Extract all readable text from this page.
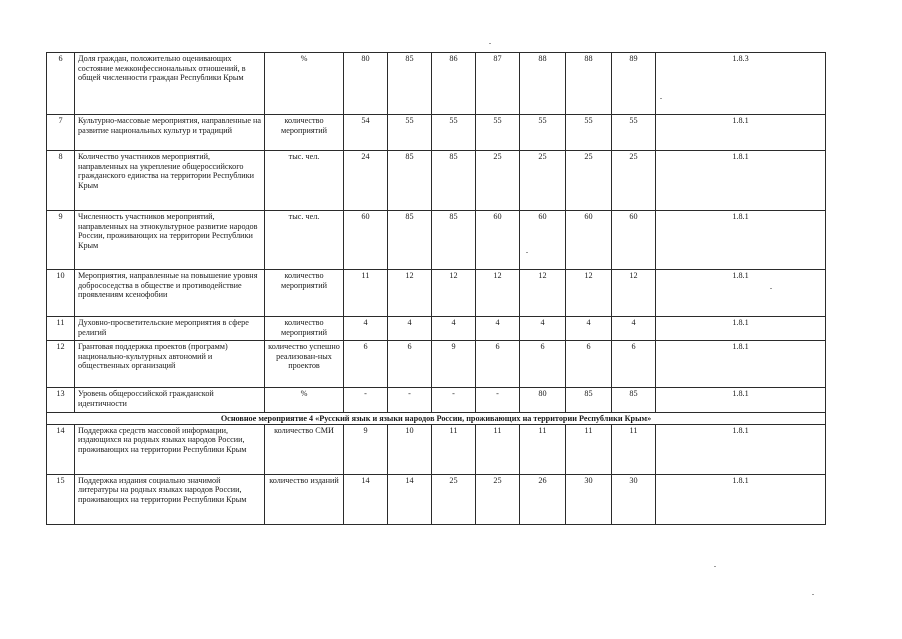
6	Доля граждан, положительно оценивающих состояние межконфессиональных отношений, в общей численности граждан Республики Крым	%	80	85	86	87	88	88	89	1.8.3
7	Культурно-массовые мероприятия, направленные на развитие национальных культур и традиций	количество мероприятий	54	55	55	55	55	55	55	1.8.1
8	Количество участников мероприятий, направленных на укрепление общероссийского гражданского единства на территории Республики Крым	тыс. чел.	24	85	85	25	25	25	25	1.8.1
9	Численность участников мероприятий, направленных на этнокультурное развитие народов России, проживающих на территории Республики Крым	тыс. чел.	60	85	85	60	60	60	60	1.8.1
10	Мероприятия, направленные на повышение уровня добрососедства в обществе и противодействие проявлениям ксенофобии	количество мероприятий	11	12	12	12	12	12	12	1.8.1
11	Духовно-просветительские мероприятия в сфере религий	количество мероприятий	4	4	4	4	4	4	4	1.8.1
12	Грантовая поддержка проектов (программ) национально-культурных автономий и общественных организаций	количество успешно реализован-ных проектов	6	6	9	6	6	6	6	1.8.1
13	Уровень общероссийской гражданской идентичности	%	-	-	-	-	80	85	85	1.8.1
Основное мероприятие 4 «Русский язык и языки народов России, проживающих на территории Республики Крым»										
14	Поддержка средств массовой информации, издающихся на родных языках народов России, проживающих на территории Республики Крым	количество СМИ	9	10	11	11	11	11	11	1.8.1
15	Поддержка издания социально значимой литературы на родных языках народов России, проживающих на территории Республики Крым	количество изданий	14	14	25	25	26	30	30	1.8.1
